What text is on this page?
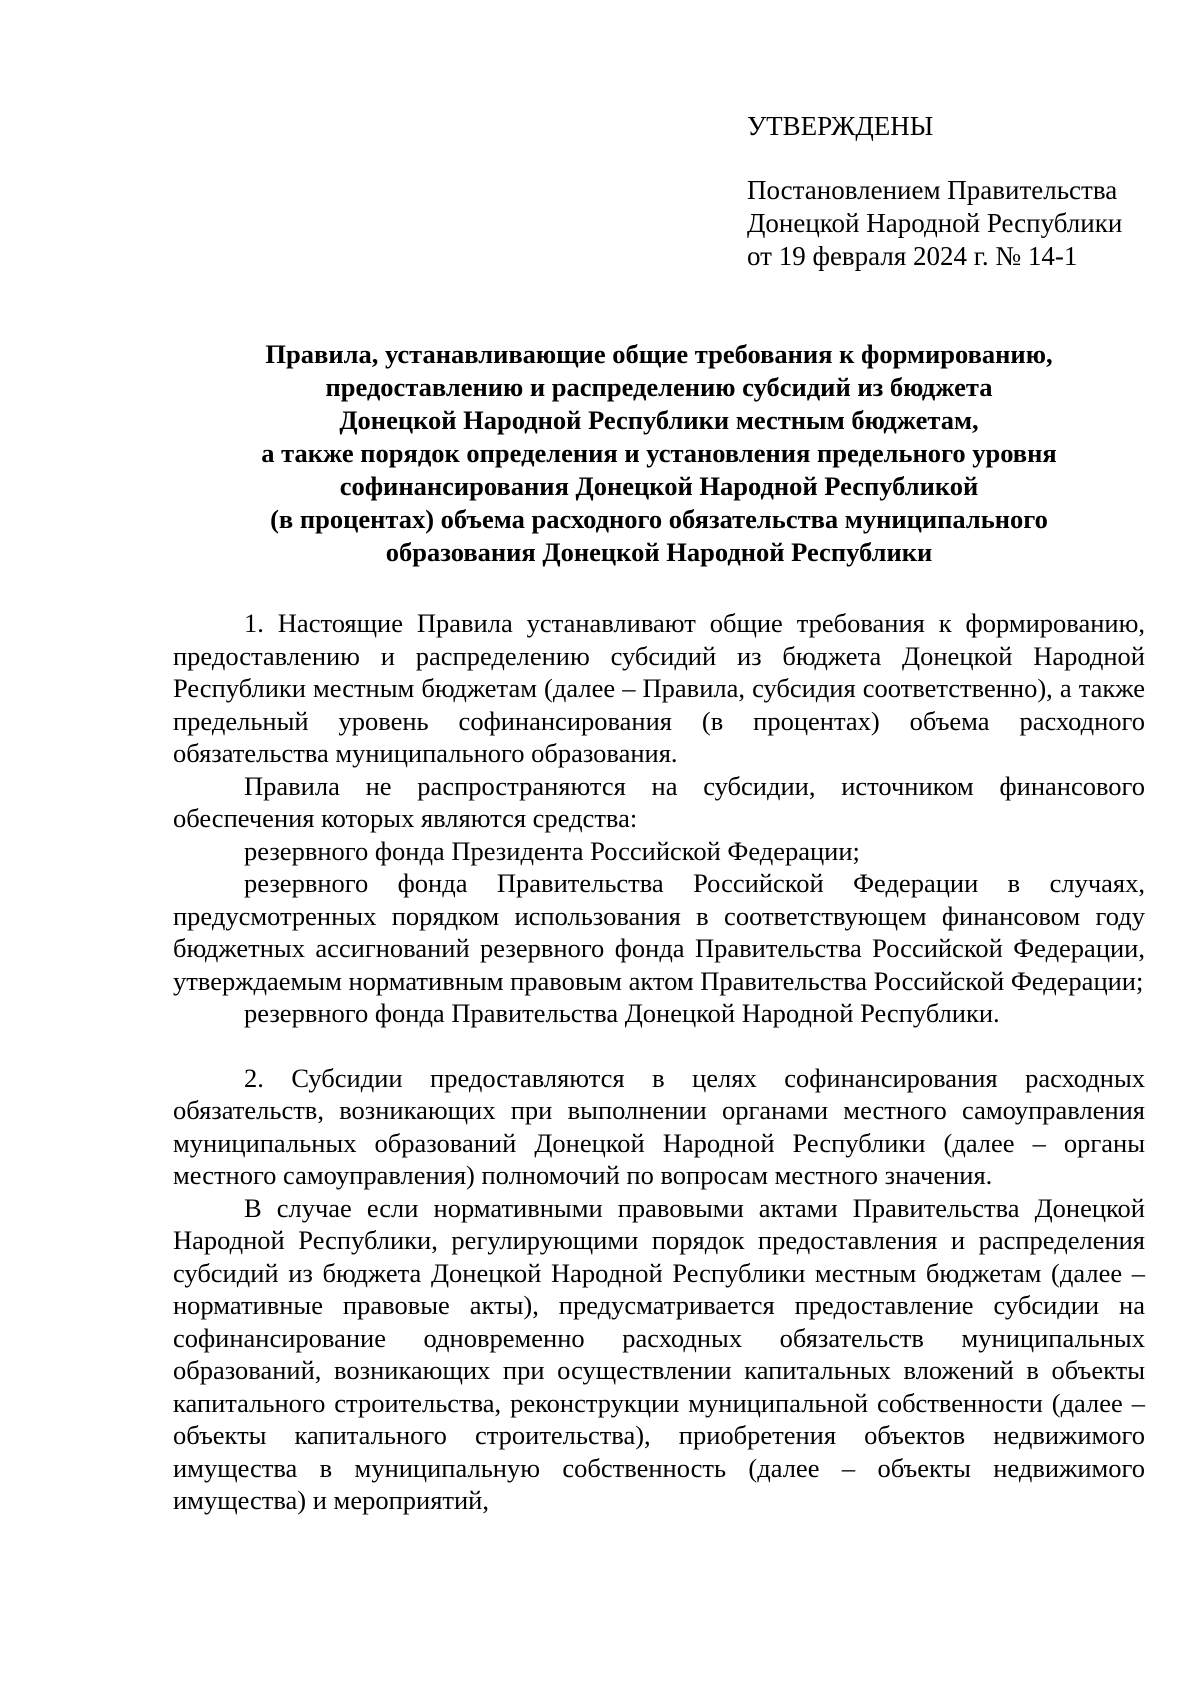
УТВЕРЖДЕНЫ
Постановлением Правительства
Донецкой Народной Республики
от 19 февраля 2024 г. № 14-1
Правила, устанавливающие общие требования к формированию,
предоставлению и распределению субсидий из бюджета
Донецкой Народной Республики местным бюджетам,
а также порядок определения и установления предельного уровня
софинансирования Донецкой Народной Республикой
(в процентах) объема расходного обязательства муниципального
образования Донецкой Народной Республики

1. Настоящие Правила устанавливают общие требования к формированию, предоставлению и распределению субсидий из бюджета Донецкой Народной Республики местным бюджетам (далее – Правила, субсидия соответственно), а также предельный уровень софинансирования (в процентах) объема расходного обязательства муниципального образования.

Правила не распространяются на субсидии, источником финансового обеспечения которых являются средства:

резервного фонда Президента Российской Федерации;

резервного фонда Правительства Российской Федерации в случаях, предусмотренных порядком использования в соответствующем финансовом году бюджетных ассигнований резервного фонда Правительства Российской Федерации, утверждаемым нормативным правовым актом Правительства Российской Федерации;

резервного фонда Правительства Донецкой Народной Республики.

2. Субсидии предоставляются в целях софинансирования расходных обязательств, возникающих при выполнении органами местного самоуправления муниципальных образований Донецкой Народной Республики (далее – органы местного самоуправления) полномочий по вопросам местного значения.

В случае если нормативными правовыми актами Правительства Донецкой Народной Республики, регулирующими порядок предоставления и распределения субсидий из бюджета Донецкой Народной Республики местным бюджетам (далее – нормативные правовые акты), предусматривается предоставление субсидии на софинансирование одновременно расходных обязательств муниципальных образований, возникающих при осуществлении капитальных вложений в объекты капитального строительства, реконструкции муниципальной собственности (далее – объекты капитального строительства), приобретения объектов недвижимого имущества в муниципальную собственность (далее – объекты недвижимого имущества) и мероприятий,
